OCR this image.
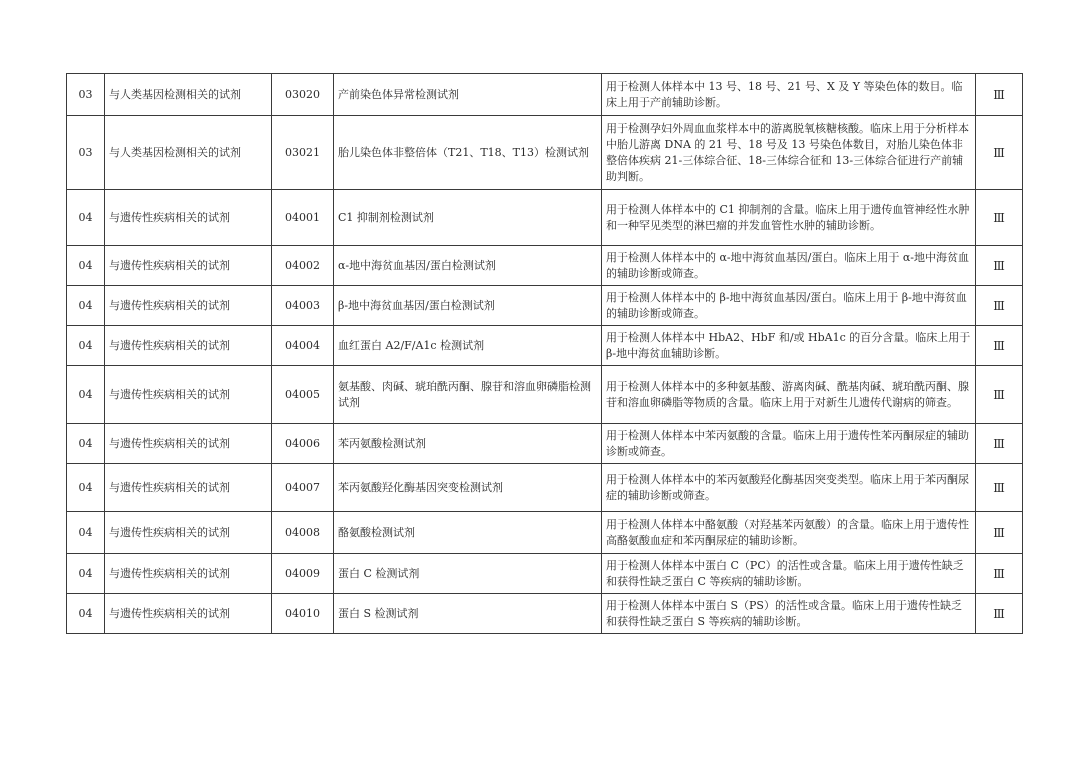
03	与人类基因检测相关的试剂	03020	产前染色体异常检测试剂	用于检测人体样本中 13 号、18 号、21 号、X 及 Y 等染色体的数目。临床上用于产前辅助诊断。	Ⅲ
03	与人类基因检测相关的试剂	03021	胎儿染色体非整倍体（T21、T18、T13）检测试剂	用于检测孕妇外周血血浆样本中的游离脱氧核糖核酸。临床上用于分析样本中胎儿游离 DNA 的 21 号、18 号及 13 号染色体数目，对胎儿染色体非整倍体疾病 21-三体综合征、18-三体综合征和 13-三体综合征进行产前辅助判断。	Ⅲ
04	与遗传性疾病相关的试剂	04001	C1 抑制剂检测试剂	用于检测人体样本中的 C1 抑制剂的含量。临床上用于遗传血管神经性水肿和一种罕见类型的淋巴瘤的并发血管性水肿的辅助诊断。	Ⅲ
04	与遗传性疾病相关的试剂	04002	α-地中海贫血基因/蛋白检测试剂	用于检测人体样本中的 α-地中海贫血基因/蛋白。临床上用于 α-地中海贫血的辅助诊断或筛查。	Ⅲ
04	与遗传性疾病相关的试剂	04003	β-地中海贫血基因/蛋白检测试剂	用于检测人体样本中的 β-地中海贫血基因/蛋白。临床上用于 β-地中海贫血的辅助诊断或筛查。	Ⅲ
04	与遗传性疾病相关的试剂	04004	血红蛋白 A2/F/A1c 检测试剂	用于检测人体样本中 HbA2、HbF 和/或 HbA1c 的百分含量。临床上用于 β-地中海贫血辅助诊断。	Ⅲ
04	与遗传性疾病相关的试剂	04005	氨基酸、肉碱、琥珀酰丙酮、腺苷和溶血卵磷脂检测试剂	用于检测人体样本中的多种氨基酸、游离肉碱、酰基肉碱、琥珀酰丙酮、腺苷和溶血卵磷脂等物质的含量。临床上用于对新生儿遗传代谢病的筛查。	Ⅲ
04	与遗传性疾病相关的试剂	04006	苯丙氨酸检测试剂	用于检测人体样本中苯丙氨酸的含量。临床上用于遗传性苯丙酮尿症的辅助诊断或筛查。	Ⅲ
04	与遗传性疾病相关的试剂	04007	苯丙氨酸羟化酶基因突变检测试剂	用于检测人体样本中的苯丙氨酸羟化酶基因突变类型。临床上用于苯丙酮尿症的辅助诊断或筛查。	Ⅲ
04	与遗传性疾病相关的试剂	04008	酪氨酸检测试剂	用于检测人体样本中酪氨酸（对羟基苯丙氨酸）的含量。临床上用于遗传性高酪氨酸血症和苯丙酮尿症的辅助诊断。	Ⅲ
04	与遗传性疾病相关的试剂	04009	蛋白 C 检测试剂	用于检测人体样本中蛋白 C（PC）的活性或含量。临床上用于遗传性缺乏和获得性缺乏蛋白 C 等疾病的辅助诊断。	Ⅲ
04	与遗传性疾病相关的试剂	04010	蛋白 S 检测试剂	用于检测人体样本中蛋白 S（PS）的活性或含量。临床上用于遗传性缺乏和获得性缺乏蛋白 S 等疾病的辅助诊断。	Ⅲ
